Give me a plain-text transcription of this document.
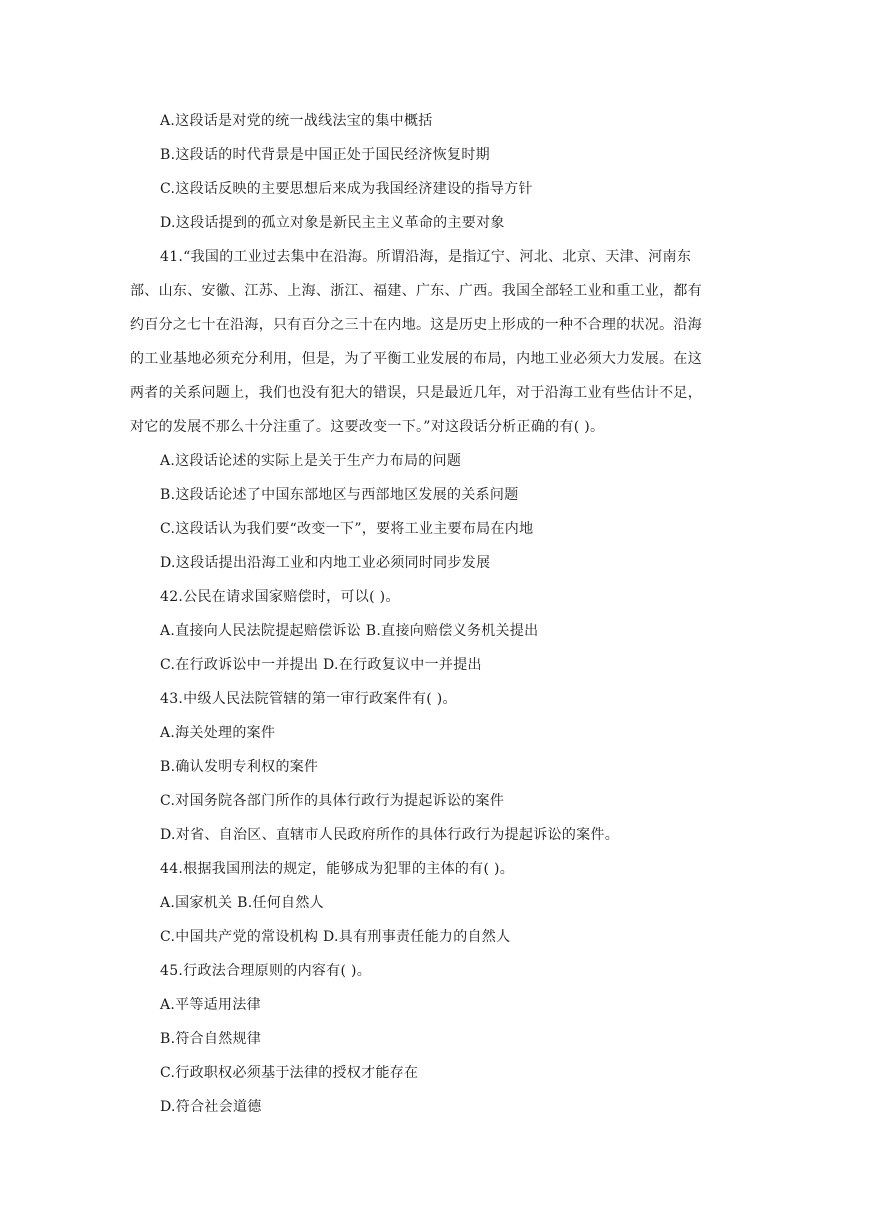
A.这段话是对党的统一战线法宝的集中概括
B.这段话的时代背景是中国正处于国民经济恢复时期
C.这段话反映的主要思想后来成为我国经济建设的指导方针
D.这段话提到的孤立对象是新民主主义革命的主要对象
41.“我国的工业过去集中在沿海。所谓沿海，是指辽宁、河北、北京、天津、河南东
部、山东、安徽、江苏、上海、浙江、福建、广东、广西。我国全部轻工业和重工业，都有
约百分之七十在沿海，只有百分之三十在内地。这是历史上形成的一种不合理的状况。沿海
的工业基地必须充分利用，但是，为了平衡工业发展的布局，内地工业必须大力发展。在这
两者的关系问题上，我们也没有犯大的错误，只是最近几年，对于沿海工业有些估计不足，
对它的发展不那么十分注重了。这要改变一下。”对这段话分析正确的有( )。
A.这段话论述的实际上是关于生产力布局的问题
B.这段话论述了中国东部地区与西部地区发展的关系问题
C.这段话认为我们要“改变一下”，要将工业主要布局在内地
D.这段话提出沿海工业和内地工业必须同时同步发展
42.公民在请求国家赔偿时，可以( )。
A.直接向人民法院提起赔偿诉讼 B.直接向赔偿义务机关提出
C.在行政诉讼中一并提出 D.在行政复议中一并提出
43.中级人民法院管辖的第一审行政案件有( )。
A.海关处理的案件
B.确认发明专利权的案件
C.对国务院各部门所作的具体行政行为提起诉讼的案件
D.对省、自治区、直辖市人民政府所作的具体行政行为提起诉讼的案件。
44.根据我国刑法的规定，能够成为犯罪的主体的有( )。
A.国家机关 B.任何自然人
C.中国共产党的常设机构 D.具有刑事责任能力的自然人
45.行政法合理原则的内容有( )。
A.平等适用法律
B.符合自然规律
C.行政职权必须基于法律的授权才能存在
D.符合社会道德
